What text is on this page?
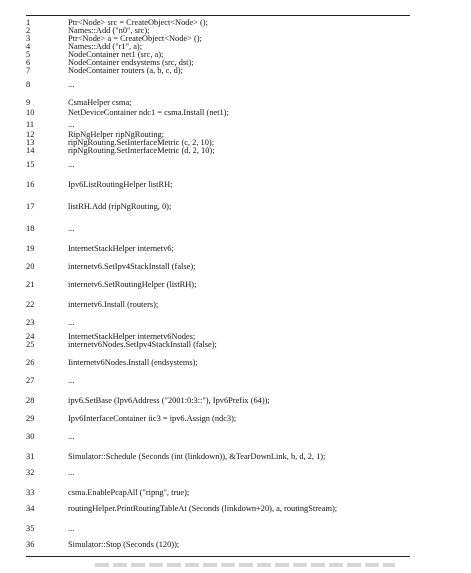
1	Ptr<Node> src = CreateObject<Node> ();
2	Names::Add ("n0", src);
3	Ptr<Node> a = CreateObject<Node> ();
4	Names::Add ("r1", a);
5	NodeContainer net1 (src, a);
6	NodeContainer endsystems (src, dst);
7	NodeContainer routers (a, b, c, d);
8	...
9	CsmaHelper csma;
10	NetDeviceContainer ndc1 = csma.Install (net1);
11	...
12	RipNgHelper ripNgRouting;
13	ripNgRouting.SetInterfaceMetric (c, 2, 10);
14	ripNgRouting.SetInterfaceMetric (d, 2, 10);
15	...
16	Ipv6ListRoutingHelper listRH;
17	listRH.Add (ripNgRouting, 0);
18	...
19	InternetStackHelper internetv6;
20	internetv6.SetIpv4StackInstall (false);
21	internetv6.SetRoutingHelper (listRH);
22	internetv6.Install (routers);
23	...
24	InternetStackHelper internetv6Nodes;
25	internetv6Nodes.SetIpv4StackInstall (false);
26	Iinternetv6Nodes.Install (endsystems);
27	...
28	ipv6.SetBase (Ipv6Address ("2001:0:3::"), Ipv6Prefix (64));
29	Ipv6InterfaceContainer iic3 = ipv6.Assign (ndc3);
30	...
31	Simulator::Schedule (Seconds (int (linkdown)), &TearDownLink, b, d, 2, 1);
32	...
33	csma.EnablePcapAll ("ripng", true);
34	routingHelper.PrintRoutingTableAt (Seconds (linkdown+20), a, routingStream);
35	...
36	Simulator::Stop (Seconds (120));
